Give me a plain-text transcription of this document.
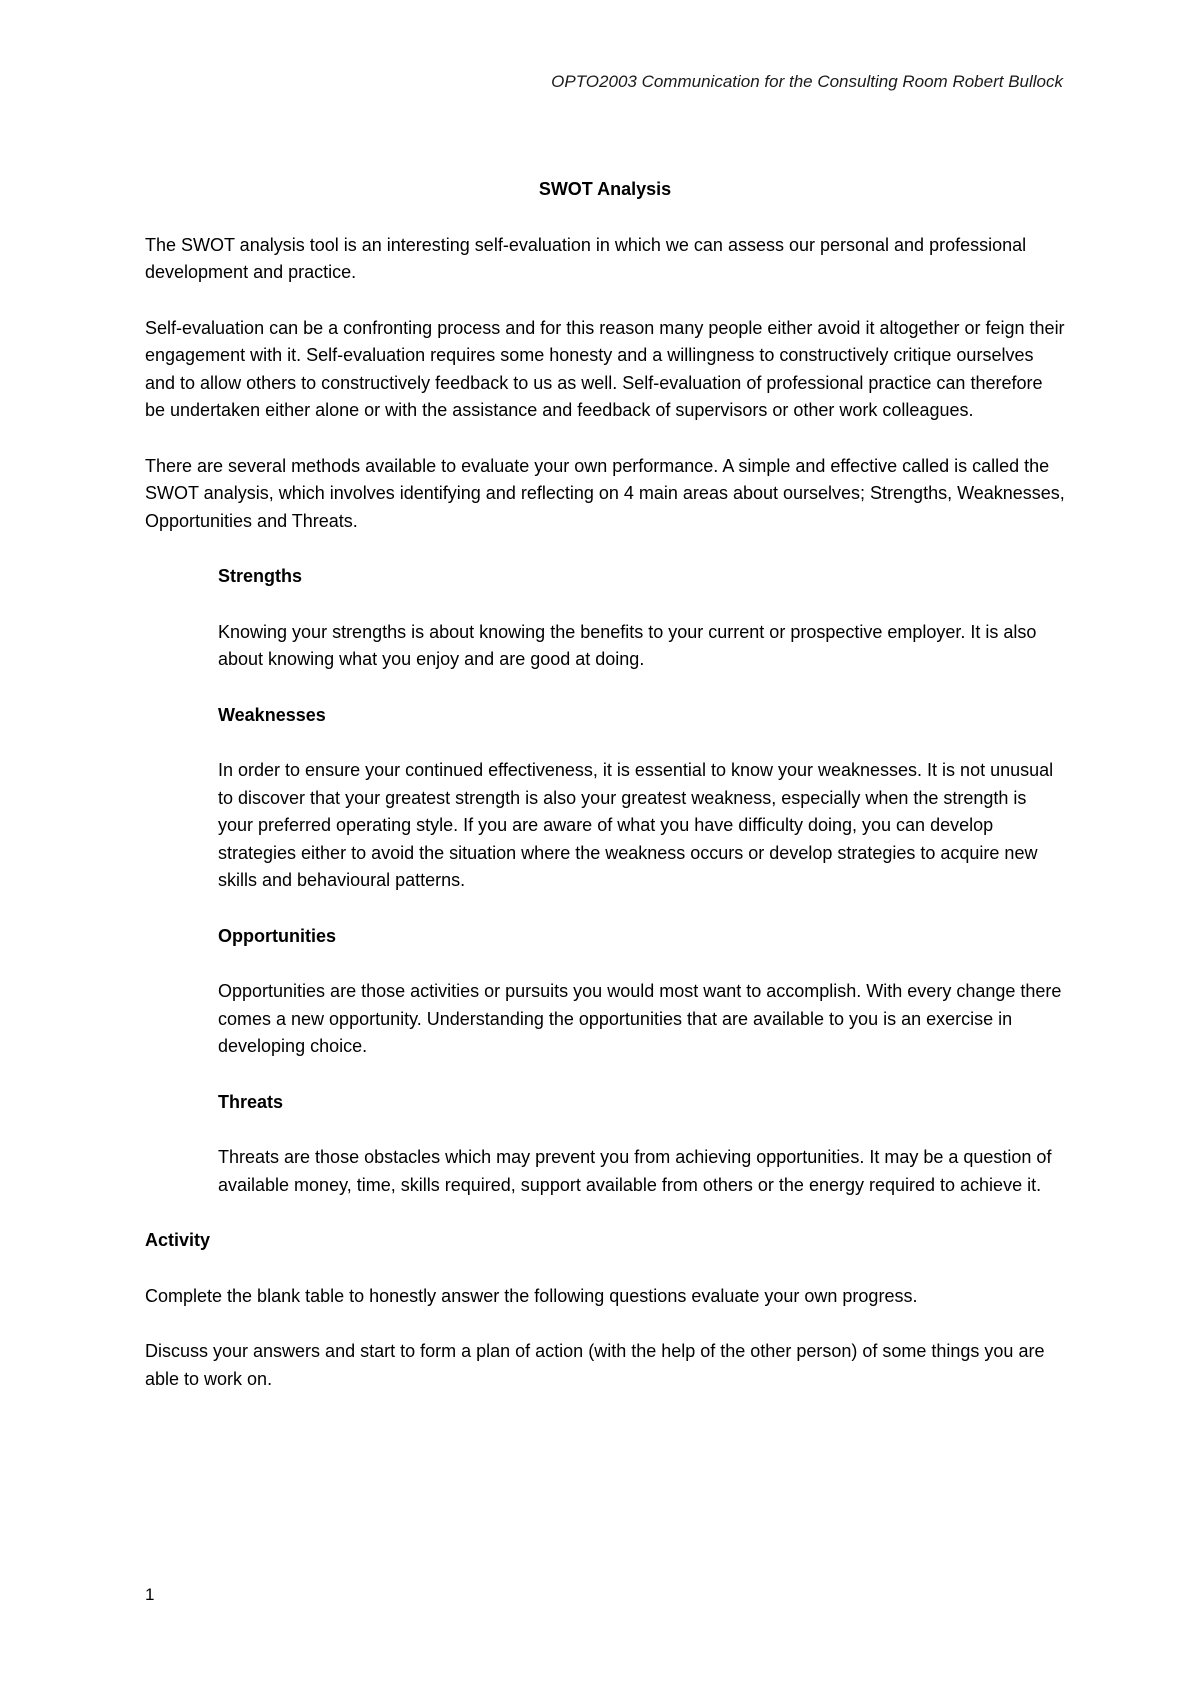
OPTO2003 Communication for the Consulting Room Robert Bullock
SWOT Analysis

The SWOT analysis tool is an interesting self-evaluation in which we can assess our personal and professional development and practice.

Self-evaluation can be a confronting process and for this reason many people either avoid it altogether or feign their engagement with it. Self-evaluation requires some honesty and a willingness to constructively critique ourselves and to allow others to constructively feedback to us as well. Self-evaluation of professional practice can therefore be undertaken either alone or with the assistance and feedback of supervisors or other work colleagues.

There are several methods available to evaluate your own performance. A simple and effective called is called the SWOT analysis, which involves identifying and reflecting on 4 main areas about ourselves; Strengths, Weaknesses, Opportunities and Threats.

Strengths

Knowing your strengths is about knowing the benefits to your current or prospective employer. It is also about knowing what you enjoy and are good at doing.

Weaknesses

In order to ensure your continued effectiveness, it is essential to know your weaknesses. It is not unusual to discover that your greatest strength is also your greatest weakness, especially when the strength is your preferred operating style. If you are aware of what you have difficulty doing, you can develop strategies either to avoid the situation where the weakness occurs or develop strategies to acquire new skills and behavioural patterns.

Opportunities

Opportunities are those activities or pursuits you would most want to accomplish. With every change there comes a new opportunity. Understanding the opportunities that are available to you is an exercise in developing choice.

Threats

Threats are those obstacles which may prevent you from achieving opportunities. It may be a question of available money, time, skills required, support available from others or the energy required to achieve it.

Activity

Complete the blank table to honestly answer the following questions evaluate your own progress.

Discuss your answers and start to form a plan of action (with the help of the other person) of some things you are able to work on.

1
